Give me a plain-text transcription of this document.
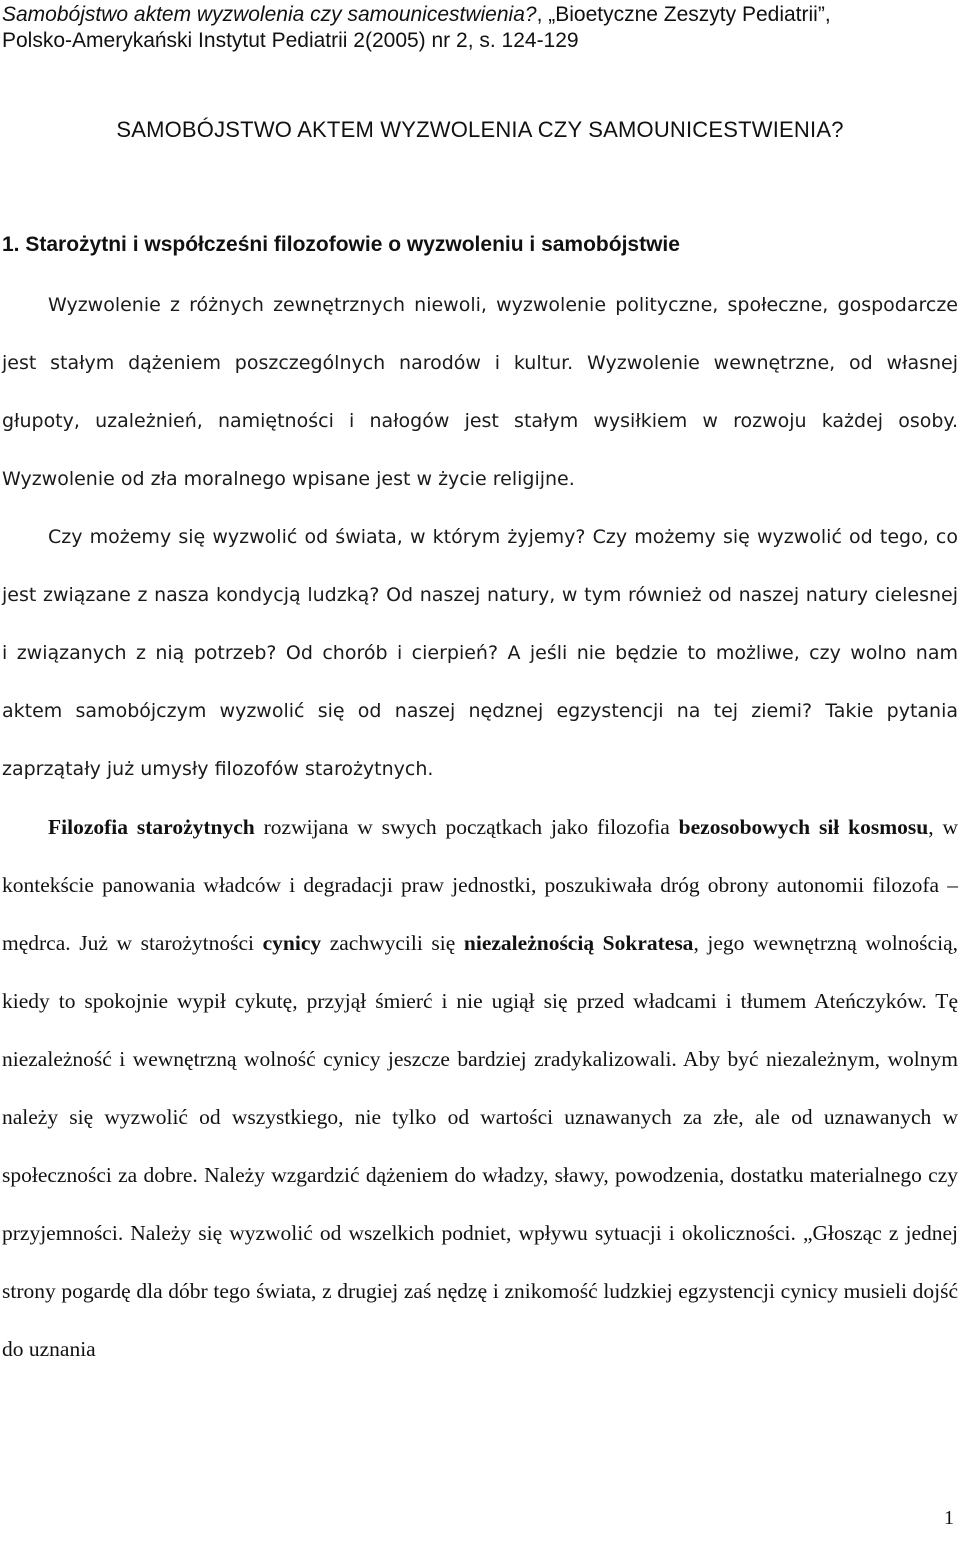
Samobójstwo aktem wyzwolenia czy samounicestwienia?, „Bioetyczne Zeszyty Pediatrii”,
Polsko-Amerykański Instytut Pediatrii 2(2005) nr 2, s. 124-129
SAMOBÓJSTWO AKTEM WYZWOLENIA CZY SAMOUNICESTWIENIA?
1. Starożytni i współcześni filozofowie o wyzwoleniu i samobójstwie
Wyzwolenie z różnych zewnętrznych niewoli, wyzwolenie polityczne, społeczne, gospodarcze jest stałym dążeniem poszczególnych narodów i kultur. Wyzwolenie wewnętrzne, od własnej głupoty, uzależnień, namiętności i nałogów jest stałym wysiłkiem w rozwoju każdej osoby. Wyzwolenie od zła moralnego wpisane jest w życie religijne.
Czy możemy się wyzwolić od świata, w którym żyjemy? Czy możemy się wyzwolić od tego, co jest związane z nasza kondycją ludzką? Od naszej natury, w tym również od naszej natury cielesnej i związanych z nią potrzeb? Od chorób i cierpień? A jeśli nie będzie to możliwe, czy wolno nam aktem samobójczym wyzwolić się od naszej nędznej egzystencji na tej ziemi? Takie pytania zaprzątały już umysły filozofów starożytnych.
Filozofia starożytnych rozwijana w swych początkach jako filozofia bezosobowych sił kosmosu, w kontekście panowania władców i degradacji praw jednostki, poszukiwała dróg obrony autonomii filozofa – mędrca. Już w starożytności cynicy zachwycili się niezależnością Sokratesa, jego wewnętrzną wolnością, kiedy to spokojnie wypił cykutę, przyjął śmierć i nie ugiął się przed władcami i tłumem Ateńczyków. Tę niezależność i wewnętrzną wolność cynicy jeszcze bardziej zradykalizowali. Aby być niezależnym, wolnym należy się wyzwolić od wszystkiego, nie tylko od wartości uznawanych za złe, ale od uznawanych w społeczności za dobre. Należy wzgardzić dążeniem do władzy, sławy, powodzenia, dostatku materialnego czy przyjemności. Należy się wyzwolić od wszelkich podniet, wpływu sytuacji i okoliczności. „Głosząc z jednej strony pogardę dla dóbr tego świata, z drugiej zaś nędzę i znikomość ludzkiej egzystencji cynicy musieli dojść do uznania
1
